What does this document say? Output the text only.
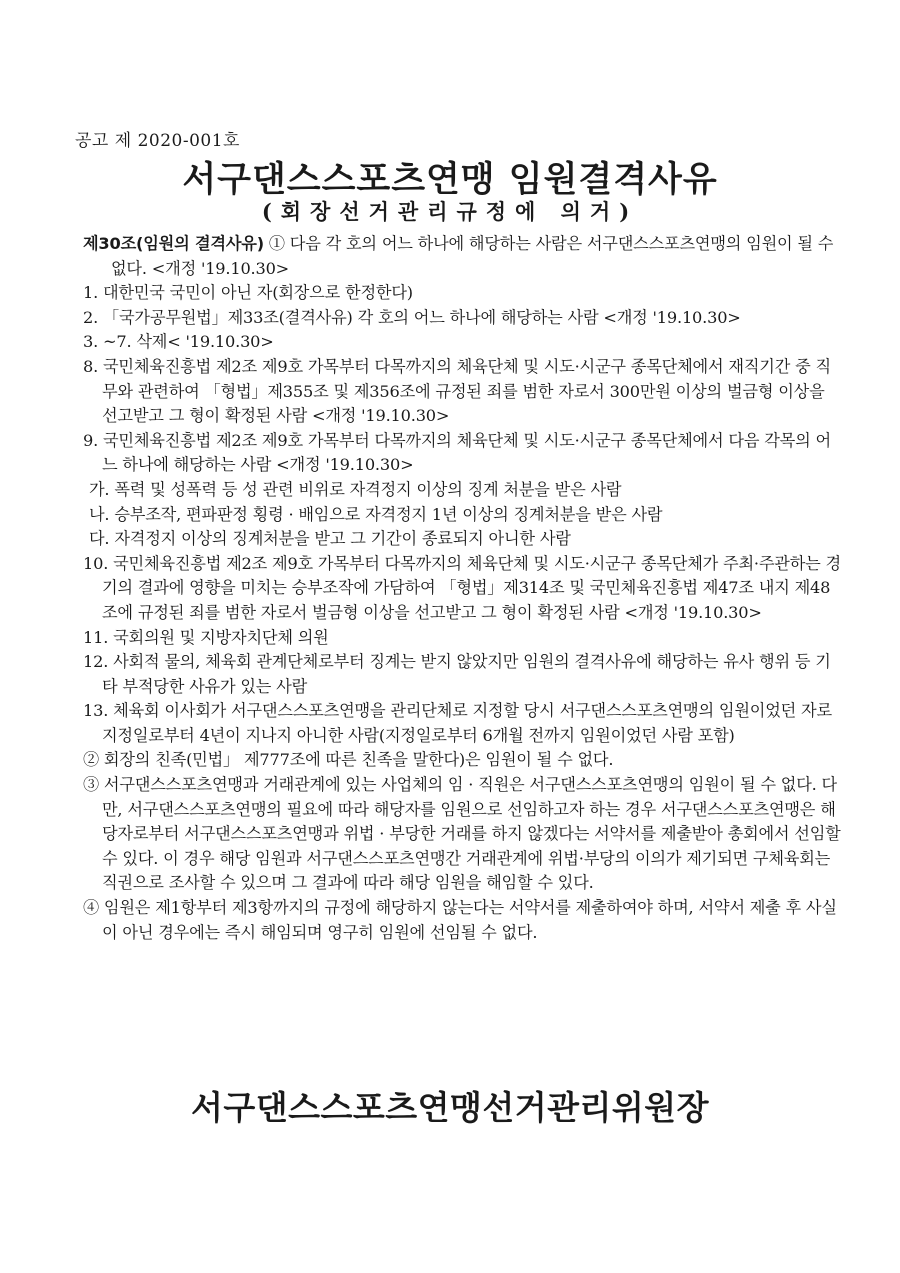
공고 제 2020-001호
서구댄스스포츠연맹 임원결격사유
(회장선거관리규정에 의거)

제30조(임원의 결격사유) ① 다음 각 호의 어느 하나에 해당하는 사람은 서구댄스스포츠연맹의 임원이 될 수 없다. <개정 '19.10.30>

1. 대한민국 국민이 아닌 자(회장으로 한정한다)

2. 「국가공무원법」제33조(결격사유) 각 호의 어느 하나에 해당하는 사람 <개정 '19.10.30>

3. ~7. 삭제< '19.10.30>

8. 국민체육진흥법 제2조 제9호 가목부터 다목까지의 체육단체 및 시도·시군구 종목단체에서 재직기간 중 직무와 관련하여 「형법」제355조 및 제356조에 규정된 죄를 범한 자로서 300만원 이상의 벌금형 이상을 선고받고 그 형이 확정된 사람 <개정 '19.10.30>

9. 국민체육진흥법 제2조 제9호 가목부터 다목까지의 체육단체 및 시도·시군구 종목단체에서 다음 각목의 어느 하나에 해당하는 사람 <개정 '19.10.30>

가. 폭력 및 성폭력 등 성 관련 비위로 자격정지 이상의 징계 처분을 받은 사람

나. 승부조작, 편파판정 횡령 · 배임으로 자격정지 1년 이상의 징계처분을 받은 사람

다. 자격정지 이상의 징계처분을 받고 그 기간이 종료되지 아니한 사람

10. 국민체육진흥법 제2조 제9호 가목부터 다목까지의 체육단체 및 시도·시군구 종목단체가 주최·주관하는 경기의 결과에 영향을 미치는 승부조작에 가담하여 「형법」제314조 및 국민체육진흥법 제47조 내지 제48조에 규정된 죄를 범한 자로서 벌금형 이상을 선고받고 그 형이 확정된 사람 <개정 '19.10.30>

11. 국회의원 및 지방자치단체 의원

12. 사회적 물의, 체육회 관계단체로부터 징계는 받지 않았지만 임원의 결격사유에 해당하는 유사 행위 등 기타 부적당한 사유가 있는 사람

13. 체육회 이사회가 서구댄스스포츠연맹을 관리단체로 지정할 당시 서구댄스스포츠연맹의 임원이었던 자로 지정일로부터 4년이 지나지 아니한 사람(지정일로부터 6개월 전까지 임원이었던 사람 포함)

② 회장의 친족(민법」 제777조에 따른 친족을 말한다)은 임원이 될 수 없다.

③ 서구댄스스포츠연맹과 거래관계에 있는 사업체의 임 · 직원은 서구댄스스포츠연맹의 임원이 될 수 없다. 다만, 서구댄스스포츠연맹의 필요에 따라 해당자를 임원으로 선임하고자 하는 경우 서구댄스스포츠연맹은 해당자로부터 서구댄스스포츠연맹과 위법 · 부당한 거래를 하지 않겠다는 서약서를 제출받아 총회에서 선임할 수 있다. 이 경우 해당 임원과 서구댄스스포츠연맹간 거래관계에 위법·부당의 이의가 제기되면 구체육회는 직권으로 조사할 수 있으며 그 결과에 따라 해당 임원을 해임할 수 있다.

④ 임원은 제1항부터 제3항까지의 규정에 해당하지 않는다는 서약서를 제출하여야 하며, 서약서 제출 후 사실이 아닌 경우에는 즉시 해임되며 영구히 임원에 선임될 수 없다.

서구댄스스포츠연맹선거관리위원장
